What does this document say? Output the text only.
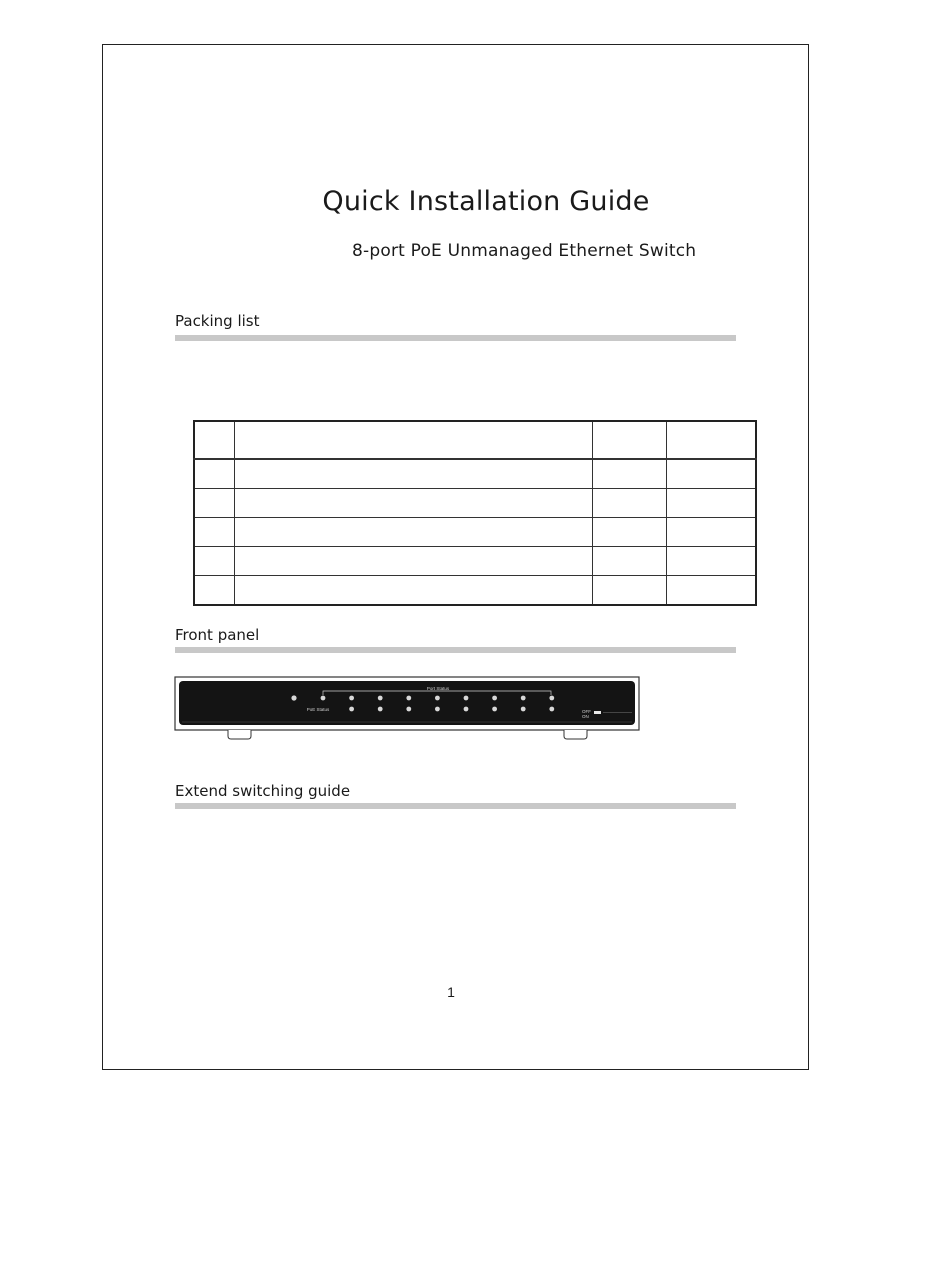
Quick Installation Guide
8-port PoE Unmanaged Ethernet Switch
Packing list

Front panel
Port Status
PoE Status	OFF
ON
Extend switching guide
1
